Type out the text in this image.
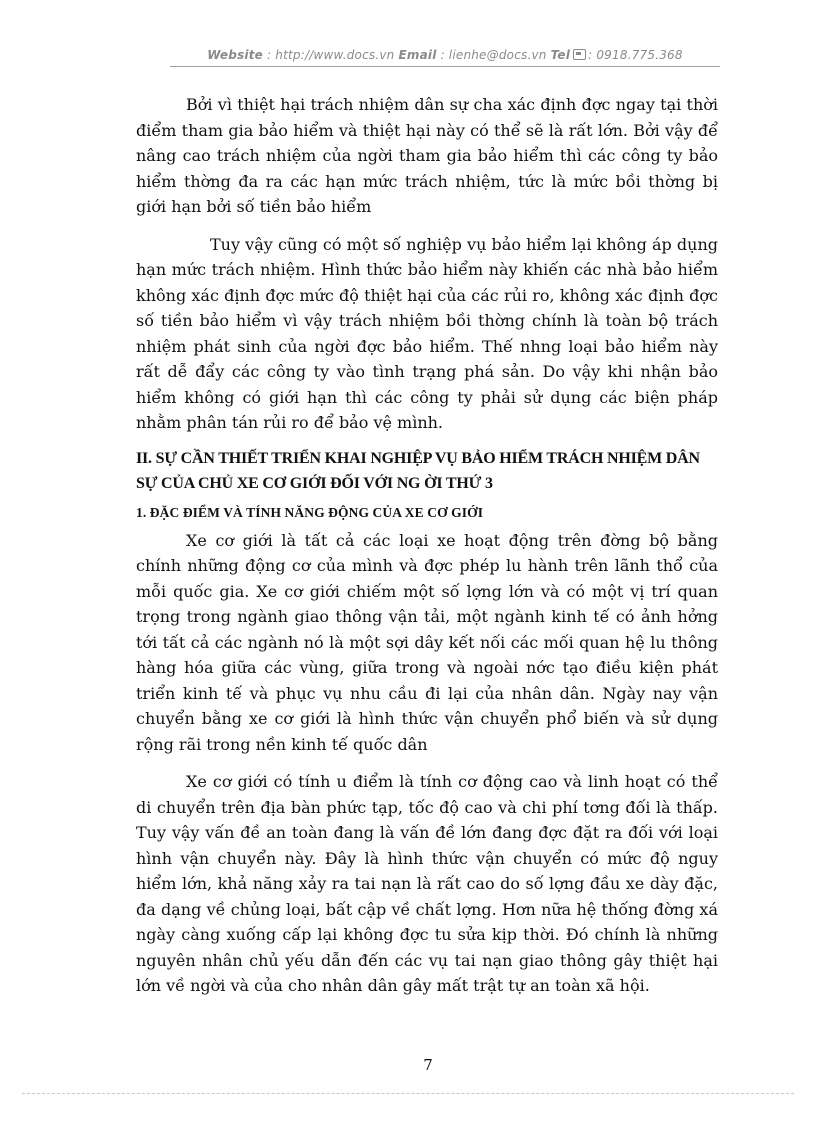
Website : http://www.docs.vn Email : lienhe@docs.vn Tel : 0918.775.368

Bởi vì thiệt hại trách nhiệm dân sự cha xác định đợc ngay tại thời điểm tham gia bảo hiểm và thiệt hại này có thể sẽ là rất lớn. Bởi vậy để nâng cao trách nhiệm của ngời tham gia bảo hiểm thì các công ty bảo hiểm thờng đa ra các hạn mức trách nhiệm, tức là mức bồi thờng bị giới hạn bởi số tiền bảo hiểm

Tuy vậy cũng có một số nghiệp vụ bảo hiểm lại không áp dụng hạn mức trách nhiệm. Hình thức bảo hiểm này khiến các nhà bảo hiểm không xác định đợc mức độ thiệt hại của các rủi ro, không xác định đợc số tiền bảo hiểm vì vậy trách nhiệm bồi thờng chính là toàn bộ trách nhiệm phát sinh của ngời đợc bảo hiểm. Thế nhng loại bảo hiểm này rất dễ đẩy các công ty vào tình trạng phá sản. Do vậy khi nhận bảo hiểm không có giới hạn thì các công ty phải sử dụng các biện pháp nhằm phân tán rủi ro để bảo vệ mình.

II. SỰ CẦN THIẾT TRIỂN KHAI NGHIỆP VỤ BẢO HIỂM TRÁCH NHIỆM DÂN SỰ CỦA CHỦ XE CƠ GIỚI ĐỐI VỚI NG ỜI THỨ 3
1. ĐẶC ĐIỂM VÀ TÍNH NĂNG ĐỘNG CỦA XE CƠ GIỚI

Xe cơ giới là tất cả các loại xe hoạt động trên đờng bộ bằng chính những động cơ của mình và đợc phép lu hành trên lãnh thổ của mỗi quốc gia. Xe cơ giới chiếm một số lợng lớn và có một vị trí quan trọng trong ngành giao thông vận tải, một ngành kinh tế có ảnh hởng tới tất cả các ngành nó là một sợi dây kết nối các mối quan hệ lu thông hàng hóa giữa các vùng, giữa trong và ngoài nớc tạo điều kiện phát triển kinh tế và phục vụ nhu cầu đi lại của nhân dân. Ngày nay vận chuyển bằng xe cơ giới là hình thức vận chuyển phổ biến và sử dụng rộng rãi trong nền kinh tế quốc dân

Xe cơ giới có tính u điểm là tính cơ động cao và linh hoạt có thể di chuyển trên địa bàn phức tạp, tốc độ cao và chi phí tơng đối là thấp. Tuy vậy vấn đề an toàn đang là vấn đề lớn đang đợc đặt ra đối với loại hình vận chuyển này. Đây là hình thức vận chuyển có mức độ nguy hiểm lớn, khả năng xảy ra tai nạn là rất cao do số lợng đầu xe dày đặc, đa dạng về chủng loại, bất cập về chất lợng. Hơn nữa hệ thống đờng xá ngày càng xuống cấp lại không đợc tu sửa kịp thời. Đó chính là những nguyên nhân chủ yếu dẫn đến các vụ tai nạn giao thông gây thiệt hại lớn về ngời và của cho nhân dân gây mất trật tự an toàn xã hội.

7
